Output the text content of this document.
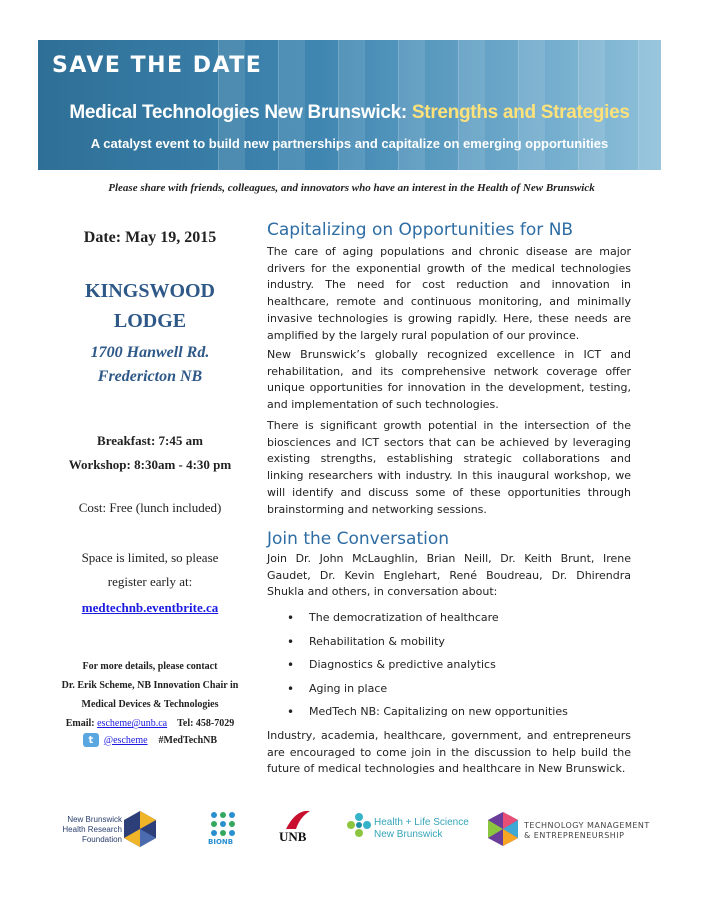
SAVE THE DATE
Medical Technologies New Brunswick: Strengths and Strategies
A catalyst event to build new partnerships and capitalize on emerging opportunities
Please share with friends, colleagues, and innovators who have an interest in the Health of New Brunswick
Date: May 19, 2015
KINGSWOOD
LODGE
1700 Hanwell Rd.
Fredericton NB
Breakfast: 7:45 am
Workshop: 8:30am - 4:30 pm
Cost: Free (lunch included)
Space is limited, so please
register early at:
medtechnb.eventbrite.ca
For more details, please contact
Dr. Erik Scheme, NB Innovation Chair in
Medical Devices & Technologies
Email: escheme@unb.ca Tel: 458-7029
t	@escheme #MedTechNB
Capitalizing on Opportunities for NB

The care of aging populations and chronic disease are major drivers for the exponential growth of the medical technologies industry. The need for cost reduction and innovation in healthcare, remote and continuous monitoring, and minimally invasive technologies is growing rapidly. Here, these needs are amplified by the largely rural population of our province.

New Brunswick’s globally recognized excellence in ICT and rehabilitation, and its comprehensive network coverage offer unique opportunities for innovation in the development, testing, and implementation of such technologies.

There is significant growth potential in the intersection of the biosciences and ICT sectors that can be achieved by leveraging existing strengths, establishing strategic collaborations and linking researchers with industry. In this inaugural workshop, we will identify and discuss some of these opportunities through brainstorming and networking sessions.

Join the Conversation

Join Dr. John McLaughlin, Brian Neill, Dr. Keith Brunt, Irene Gaudet, Dr. Kevin Englehart, René Boudreau, Dr. Dhirendra Shukla and others, in conversation about:

• The democratization of healthcare
• Rehabilitation & mobility
• Diagnostics & predictive analytics
• Aging in place
• MedTech NB: Capitalizing on new opportunities

Industry, academia, healthcare, government, and entrepreneurs are encouraged to come join in the discussion to help build the future of medical technologies and healthcare in New Brunswick.

New Brunswick
Health Research
Foundation	BIONB	UNB
Health + Life Science
New Brunswick
TECHNOLOGY MANAGEMENT
& ENTREPRENEURSHIP
